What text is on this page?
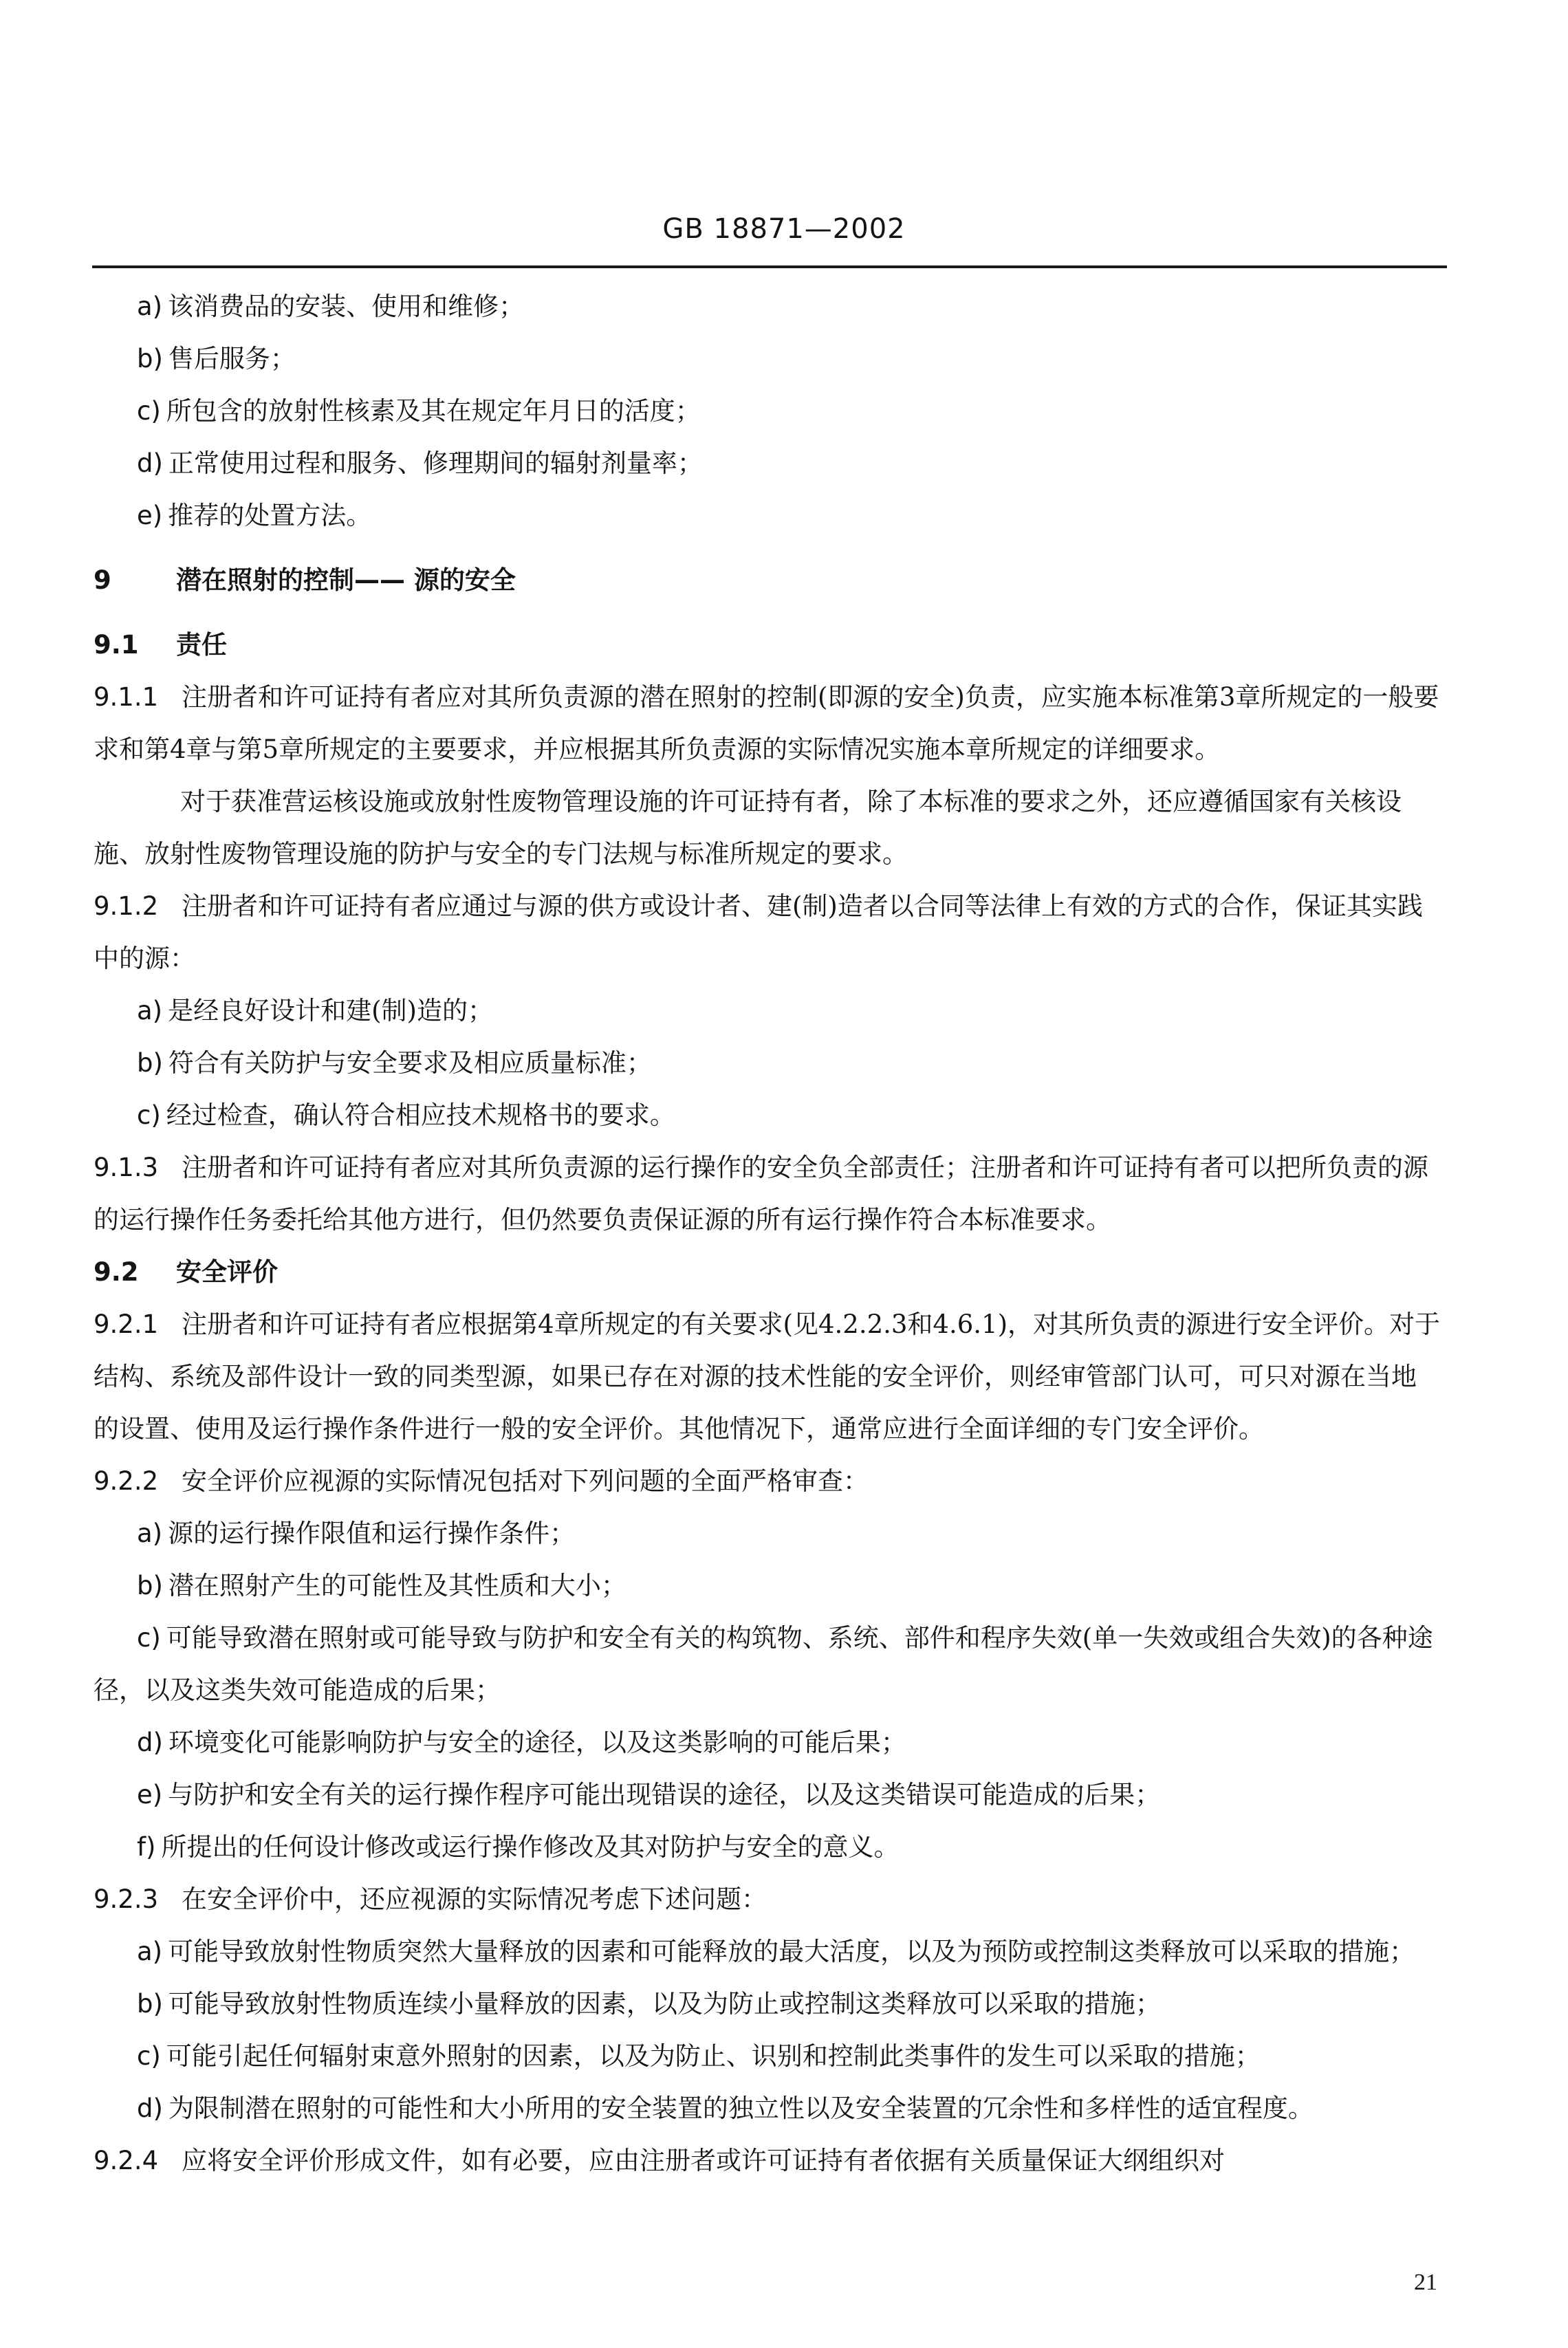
GB 18871—2002

a) 该消费品的安装、使用和维修；

b) 售后服务；

c) 所包含的放射性核素及其在规定年月日的活度；

d) 正常使用过程和服务、修理期间的辐射剂量率；

e) 推荐的处置方法。

9	潜在照射的控制—— 源的安全

9.1 责任

9.1.1 注册者和许可证持有者应对其所负责源的潜在照射的控制(即源的安全)负责，应实施本标准第3章所规定的一般要求和第4章与第5章所规定的主要要求，并应根据其所负责源的实际情况实施本章所规定的详细要求。

对于获准营运核设施或放射性废物管理设施的许可证持有者，除了本标准的要求之外，还应遵循国家有关核设施、放射性废物管理设施的防护与安全的专门法规与标准所规定的要求。

9.1.2 注册者和许可证持有者应通过与源的供方或设计者、建(制)造者以合同等法律上有效的方式的合作，保证其实践中的源：

a) 是经良好设计和建(制)造的；

b) 符合有关防护与安全要求及相应质量标准；

c) 经过检查，确认符合相应技术规格书的要求。

9.1.3 注册者和许可证持有者应对其所负责源的运行操作的安全负全部责任；注册者和许可证持有者可以把所负责的源的运行操作任务委托给其他方进行，但仍然要负责保证源的所有运行操作符合本标准要求。

9.2 安全评价

9.2.1 注册者和许可证持有者应根据第4章所规定的有关要求(见4.2.2.3和4.6.1)，对其所负责的源进行安全评价。对于结构、系统及部件设计一致的同类型源，如果已存在对源的技术性能的安全评价，则经审管部门认可，可只对源在当地的设置、使用及运行操作条件进行一般的安全评价。其他情况下，通常应进行全面详细的专门安全评价。

9.2.2 安全评价应视源的实际情况包括对下列问题的全面严格审查：

a) 源的运行操作限值和运行操作条件；

b) 潜在照射产生的可能性及其性质和大小；

c) 可能导致潜在照射或可能导致与防护和安全有关的构筑物、系统、部件和程序失效(单一失效或组合失效)的各种途径，以及这类失效可能造成的后果；

d) 环境变化可能影响防护与安全的途径，以及这类影响的可能后果；

e) 与防护和安全有关的运行操作程序可能出现错误的途径，以及这类错误可能造成的后果；

f) 所提出的任何设计修改或运行操作修改及其对防护与安全的意义。

9.2.3 在安全评价中，还应视源的实际情况考虑下述问题：

a) 可能导致放射性物质突然大量释放的因素和可能释放的最大活度，以及为预防或控制这类释放可以采取的措施；

b) 可能导致放射性物质连续小量释放的因素，以及为防止或控制这类释放可以采取的措施；

c) 可能引起任何辐射束意外照射的因素，以及为防止、识别和控制此类事件的发生可以采取的措施；

d) 为限制潜在照射的可能性和大小所用的安全装置的独立性以及安全装置的冗余性和多样性的适宜程度。

9.2.4 应将安全评价形成文件，如有必要，应由注册者或许可证持有者依据有关质量保证大纲组织对

21
